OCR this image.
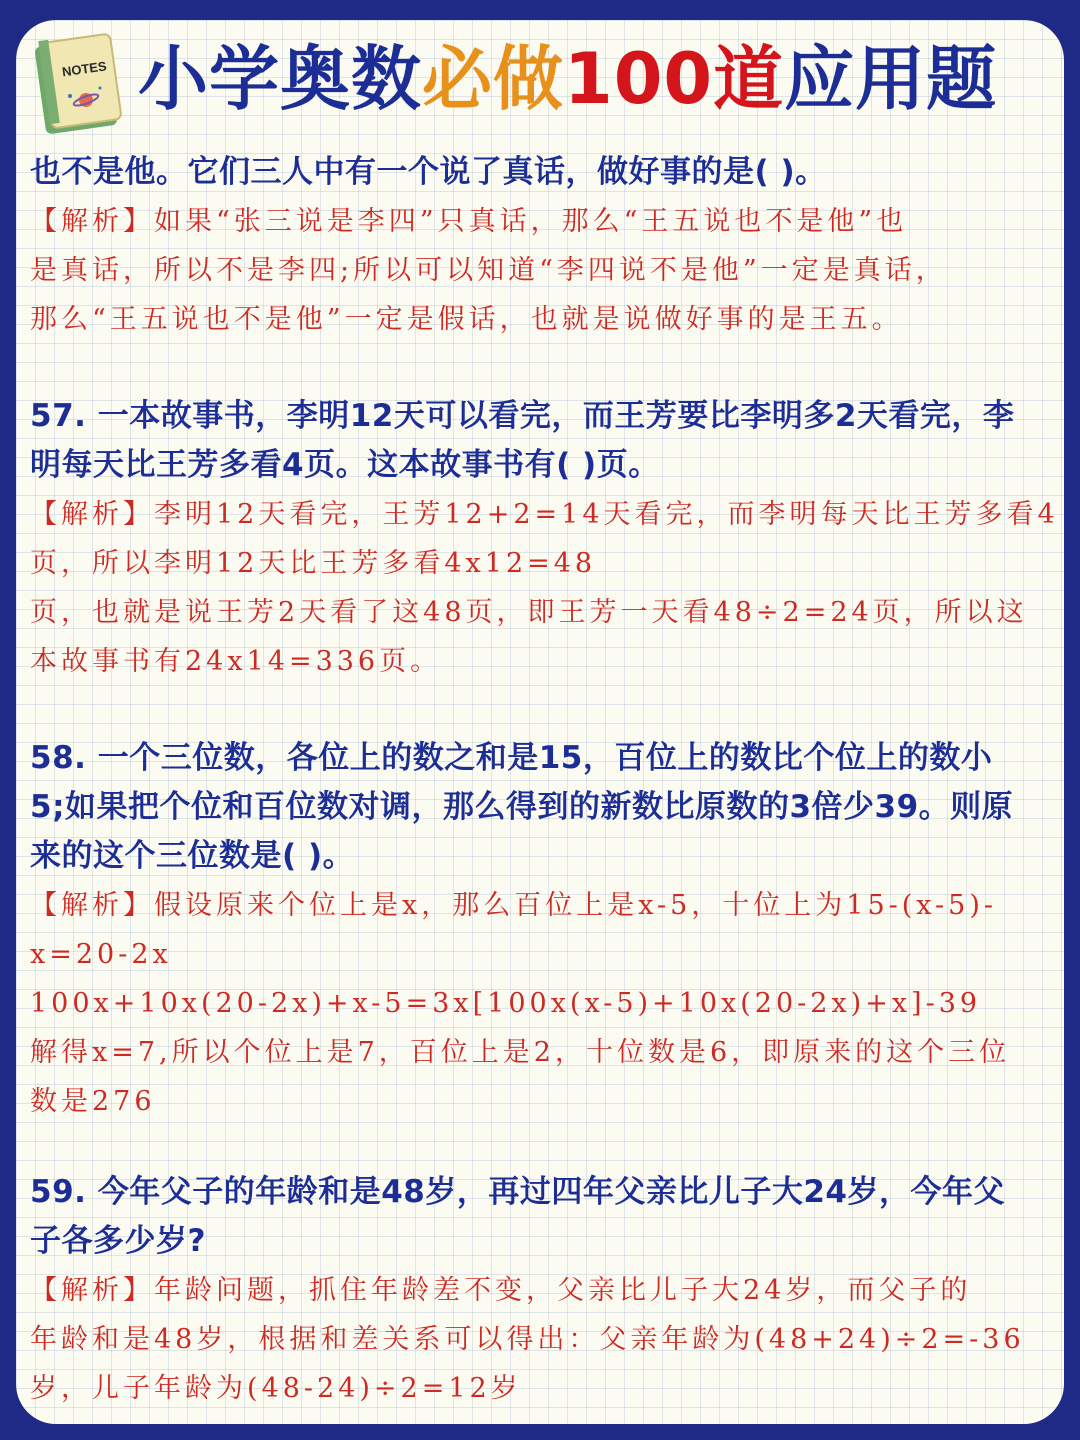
NOTES 小学奥数必做100道应用题
也不是他。它们三人中有一个说了真话，做好事的是( )。
【解析】如果“张三说是李四”只真话，那么“王五说也不是他”也
是真话，所以不是李四;所以可以知道“李四说不是他”一定是真话，
那么“王五说也不是他”一定是假话，也就是说做好事的是王五。
57. 一本故事书，李明12天可以看完，而王芳要比李明多2天看完，李
明每天比王芳多看4页。这本故事书有( )页。
【解析】李明12天看完，王芳12+2=14天看完，而李明每天比王芳多看4
页，所以李明12天比王芳多看4x12=48
页，也就是说王芳2天看了这48页，即王芳一天看48÷2=24页，所以这
本故事书有24x14=336页。
58. 一个三位数，各位上的数之和是15，百位上的数比个位上的数小
5;如果把个位和百位数对调，那么得到的新数比原数的3倍少39。则原
来的这个三位数是( )。
【解析】假设原来个位上是x，那么百位上是x-5，十位上为15-(x-5)-
x=20-2x
100x+10x(20-2x)+x-5=3x[100x(x-5)+10x(20-2x)+x]-39
解得x=7,所以个位上是7，百位上是2，十位数是6，即原来的这个三位
数是276
59. 今年父子的年龄和是48岁，再过四年父亲比儿子大24岁，今年父
子各多少岁?
【解析】年龄问题，抓住年龄差不变，父亲比儿子大24岁，而父子的
年龄和是48岁，根据和差关系可以得出：父亲年龄为(48+24)÷2=-36
岁，儿子年龄为(48-24)÷2=12岁
